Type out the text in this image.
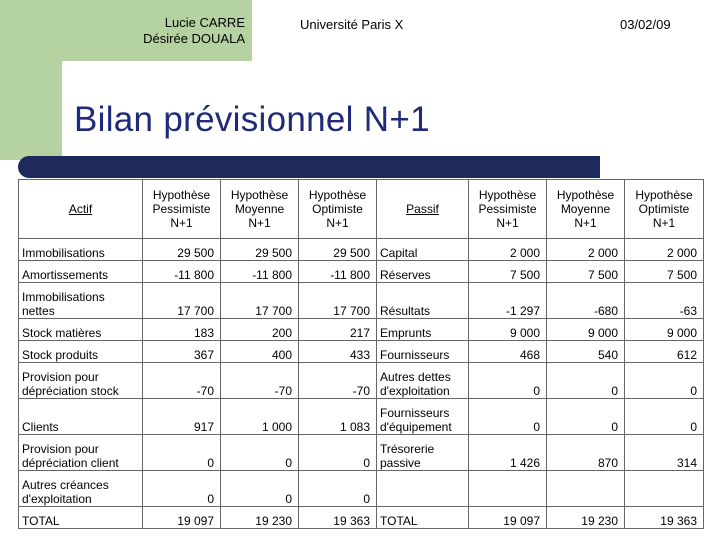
Lucie CARRE
Désirée DOUALA
Université Paris X	03/02/09
Bilan prévisionnel N+1
Actif	Hypothèse Pessimiste N+1	Hypothèse Moyenne N+1	Hypothèse Optimiste N+1	Passif	Hypothèse Pessimiste N+1	Hypothèse Moyenne N+1	Hypothèse Optimiste N+1
Immobilisations	29 500	29 500	29 500	Capital	2 000	2 000	2 000
Amortissements	-11 800	-11 800	-11 800	Réserves	7 500	7 500	7 500
Immobilisations nettes	17 700	17 700	17 700	Résultats	-1 297	-680	-63
Stock matières	183	200	217	Emprunts	9 000	9 000	9 000
Stock produits	367	400	433	Fournisseurs	468	540	612
Provision pour dépréciation stock	-70	-70	-70	Autres dettes d'exploitation	0	0	0
Clients	917	1 000	1 083	Fournisseurs d'équipement	0	0	0
Provision pour dépréciation client	0	0	0	Trésorerie passive	1 426	870	314
Autres créances d'exploitation	0	0	0				
TOTAL	19 097	19 230	19 363	TOTAL	19 097	19 230	19 363
